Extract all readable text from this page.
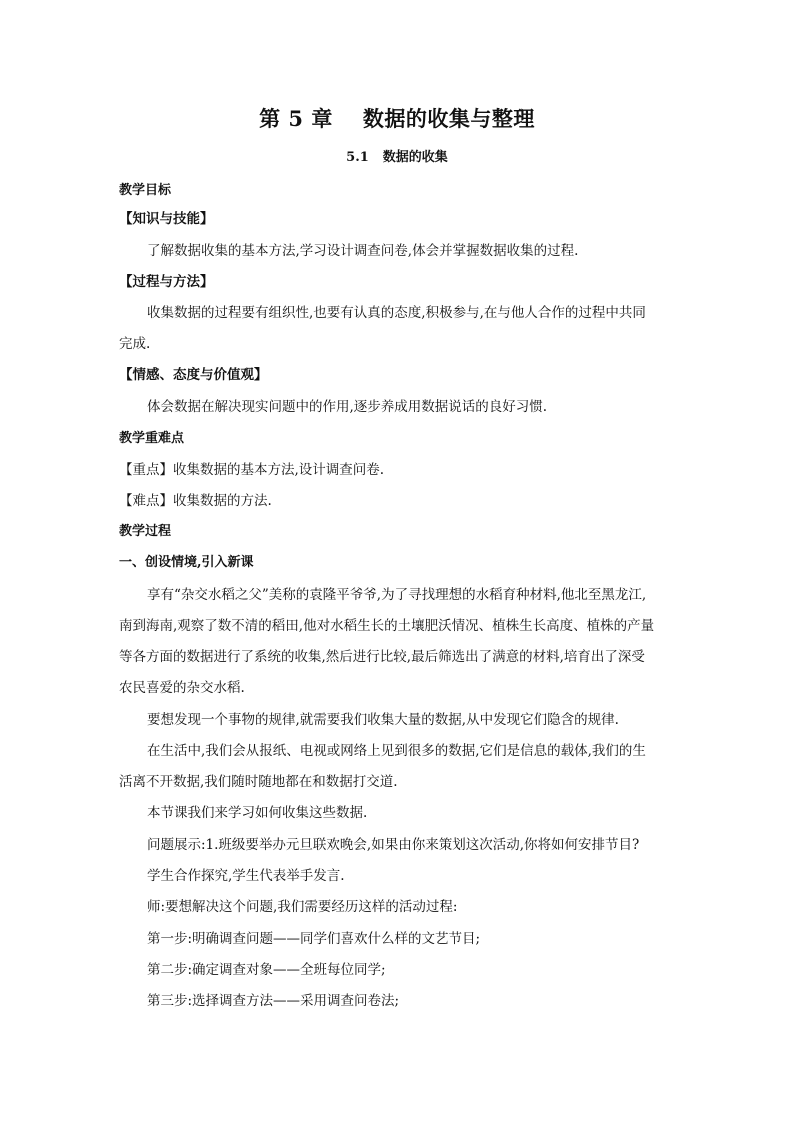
第 5 章 数据的收集与整理
5.1 数据的收集
教学目标
【知识与技能】
了解数据收集的基本方法,学习设计调查问卷,体会并掌握数据收集的过程.
【过程与方法】
收集数据的过程要有组织性,也要有认真的态度,积极参与,在与他人合作的过程中共同
完成.
【情感、态度与价值观】
体会数据在解决现实问题中的作用,逐步养成用数据说话的良好习惯.
教学重难点
【重点】收集数据的基本方法,设计调查问卷.
【难点】收集数据的方法.
教学过程
一、创设情境,引入新课
享有“杂交水稻之父”美称的袁隆平爷爷,为了寻找理想的水稻育种材料,他北至黑龙江,
南到海南,观察了数不清的稻田,他对水稻生长的土壤肥沃情况、植株生长高度、植株的产量
等各方面的数据进行了系统的收集,然后进行比较,最后筛选出了满意的材料,培育出了深受
农民喜爱的杂交水稻.
要想发现一个事物的规律,就需要我们收集大量的数据,从中发现它们隐含的规律.
在生活中,我们会从报纸、电视或网络上见到很多的数据,它们是信息的载体,我们的生
活离不开数据,我们随时随地都在和数据打交道.
本节课我们来学习如何收集这些数据.
问题展示:1.班级要举办元旦联欢晚会,如果由你来策划这次活动,你将如何安排节目?
学生合作探究,学生代表举手发言.
师:要想解决这个问题,我们需要经历这样的活动过程:
第一步:明确调查问题——同学们喜欢什么样的文艺节目;
第二步:确定调查对象——全班每位同学;
第三步:选择调查方法——采用调查问卷法;
